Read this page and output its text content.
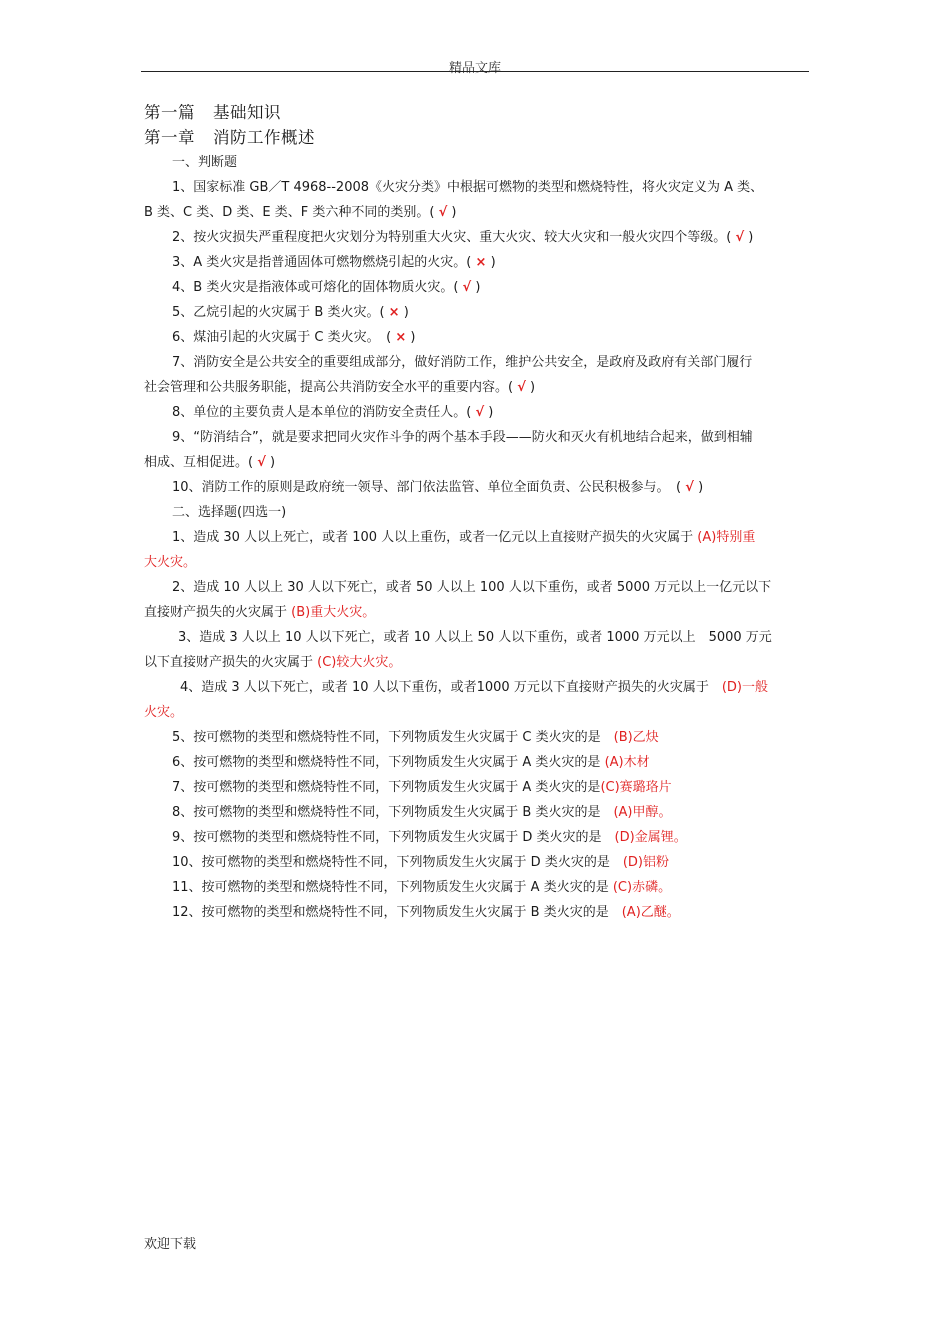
精品文库
第一篇 基础知识
第一章 消防工作概述
一、判断题
1、国家标准 GB／T 4968--2008《火灾分类》中根据可燃物的类型和燃烧特性，将火灾定义为 A 类、
B 类、C 类、D 类、E 类、F 类六种不同的类别。( √ )
2、按火灾损失严重程度把火灾划分为特别重大火灾、重大火灾、较大火灾和一般火灾四个等级。( √ )
3、A 类火灾是指普通固体可燃物燃烧引起的火灾。( × )
4、B 类火灾是指液体或可熔化的固体物质火灾。( √ )
5、乙烷引起的火灾属于 B 类火灾。( × )
6、煤油引起的火灾属于 C 类火灾。　( × )
7、消防安全是公共安全的重要组成部分，做好消防工作，维护公共安全，是政府及政府有关部门履行
社会管理和公共服务职能，提高公共消防安全水平的重要内容。( √ )
8、单位的主要负责人是本单位的消防安全责任人。( √ )
9、“防消结合”，就是要求把同火灾作斗争的两个基本手段——防火和灭火有机地结合起来，做到相辅
相成、互相促进。( √ )
10、消防工作的原则是政府统一领导、部门依法监管、单位全面负责、公民积极参与。　( √ )
二、选择题(四选一)
1、造成 30 人以上死亡，或者 100 人以上重伤，或者一亿元以上直接财产损失的火灾属于 (A)特别重
大火灾。
2、造成 10 人以上 30 人以下死亡，或者 50 人以上 100 人以下重伤，或者 5000 万元以上一亿元以下
直接财产损失的火灾属于 (B)重大火灾。
3、造成 3 人以上 10 人以下死亡，或者 10 人以上 50 人以下重伤，或者 1000 万元以上　5000 万元
以下直接财产损失的火灾属于 (C)较大火灾。
4、造成 3 人以下死亡，或者 10 人以下重伤，或者1000 万元以下直接财产损失的火灾属于　(D)一般
火灾。
5、按可燃物的类型和燃烧特性不同，下列物质发生火灾属于 C 类火灾的是　(B)乙炔
6、按可燃物的类型和燃烧特性不同，下列物质发生火灾属于 A 类火灾的是 (A)木材
7、按可燃物的类型和燃烧特性不同，下列物质发生火灾属于 A 类火灾的是(C)赛璐珞片
8、按可燃物的类型和燃烧特性不同，下列物质发生火灾属于 B 类火灾的是　(A)甲醇。
9、按可燃物的类型和燃烧特性不同，下列物质发生火灾属于 D 类火灾的是　(D)金属锂。
10、按可燃物的类型和燃烧特性不同，下列物质发生火灾属于 D 类火灾的是　(D)铝粉
11、按可燃物的类型和燃烧特性不同，下列物质发生火灾属于 A 类火灾的是 (C)赤磷。
12、按可燃物的类型和燃烧特性不同，下列物质发生火灾属于 B 类火灾的是　(A)乙醚。
欢迎下载
